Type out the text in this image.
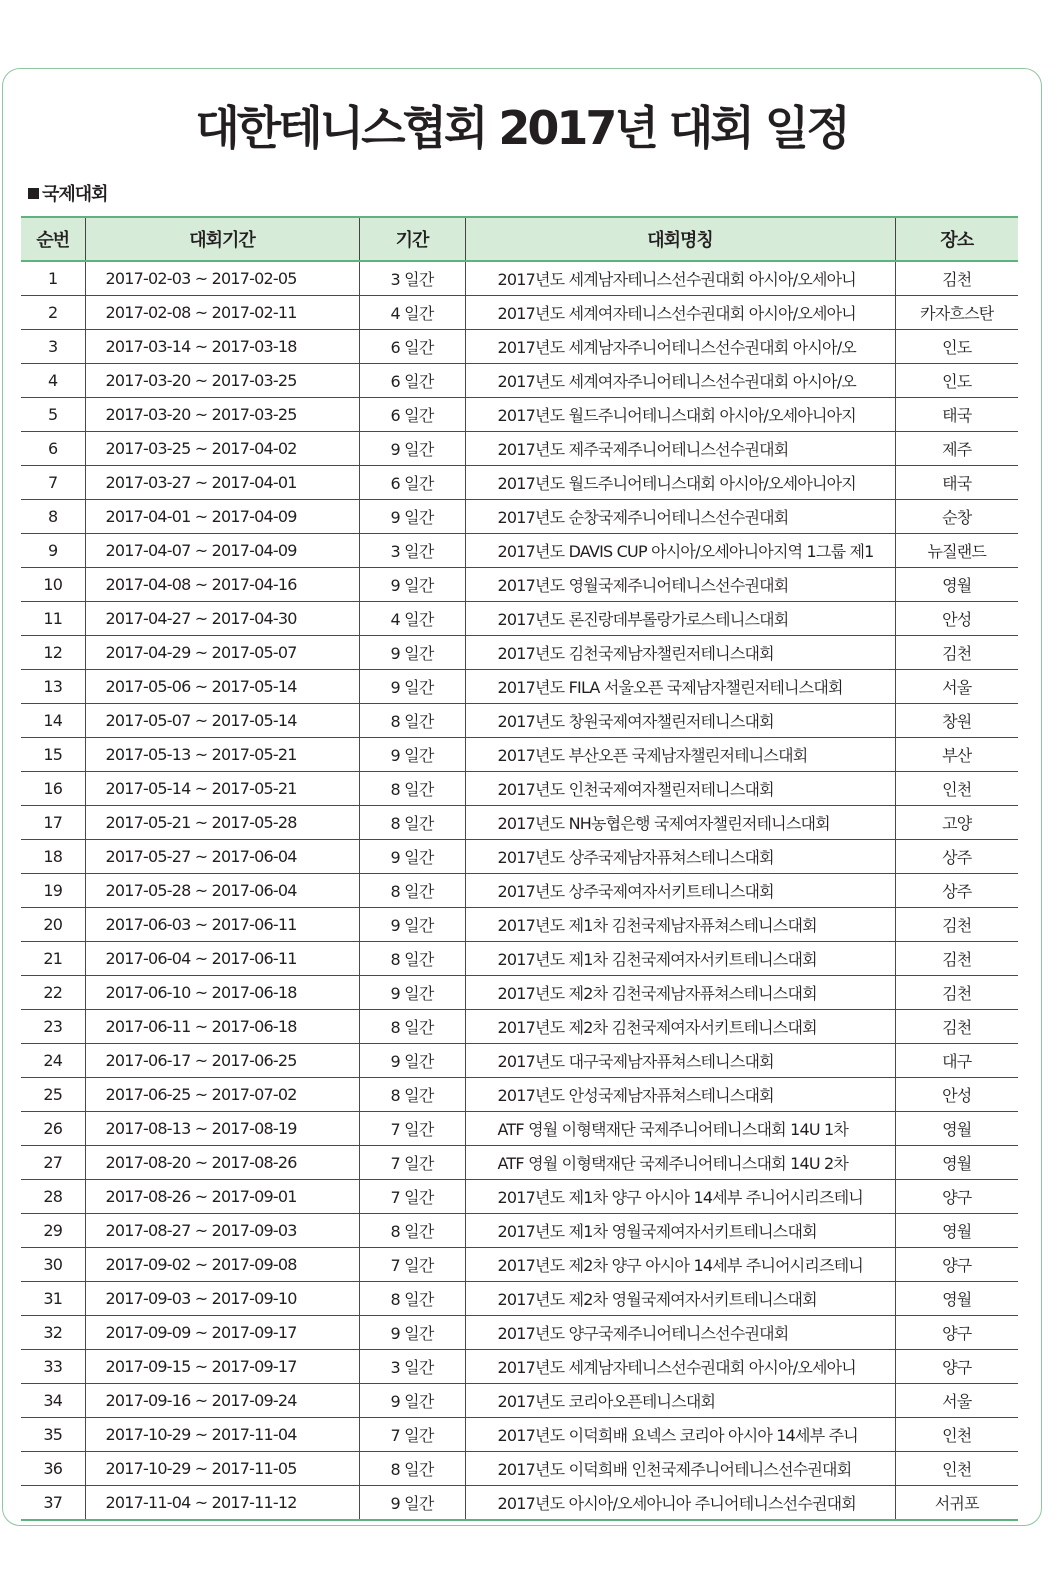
대한테니스협회 2017년 대회 일정
국제대회
순번	대회기간	기간	대회명칭	장소
1	2017-02-03 ~ 2017-02-05	3 일간	2017년도 세계남자테니스선수권대회 아시아/오세아니	김천
2	2017-02-08 ~ 2017-02-11	4 일간	2017년도 세계여자테니스선수권대회 아시아/오세아니	카자흐스탄
3	2017-03-14 ~ 2017-03-18	6 일간	2017년도 세계남자주니어테니스선수권대회 아시아/오	인도
4	2017-03-20 ~ 2017-03-25	6 일간	2017년도 세계여자주니어테니스선수권대회 아시아/오	인도
5	2017-03-20 ~ 2017-03-25	6 일간	2017년도 월드주니어테니스대회 아시아/오세아니아지	태국
6	2017-03-25 ~ 2017-04-02	9 일간	2017년도 제주국제주니어테니스선수권대회	제주
7	2017-03-27 ~ 2017-04-01	6 일간	2017년도 월드주니어테니스대회 아시아/오세아니아지	태국
8	2017-04-01 ~ 2017-04-09	9 일간	2017년도 순창국제주니어테니스선수권대회	순창
9	2017-04-07 ~ 2017-04-09	3 일간	2017년도 DAVIS CUP 아시아/오세아니아지역 1그룹 제1	뉴질랜드
10	2017-04-08 ~ 2017-04-16	9 일간	2017년도 영월국제주니어테니스선수권대회	영월
11	2017-04-27 ~ 2017-04-30	4 일간	2017년도 론진랑데부롤랑가로스테니스대회	안성
12	2017-04-29 ~ 2017-05-07	9 일간	2017년도 김천국제남자챌린저테니스대회	김천
13	2017-05-06 ~ 2017-05-14	9 일간	2017년도 FILA 서울오픈 국제남자챌린저테니스대회	서울
14	2017-05-07 ~ 2017-05-14	8 일간	2017년도 창원국제여자챌린저테니스대회	창원
15	2017-05-13 ~ 2017-05-21	9 일간	2017년도 부산오픈 국제남자챌린저테니스대회	부산
16	2017-05-14 ~ 2017-05-21	8 일간	2017년도 인천국제여자챌린저테니스대회	인천
17	2017-05-21 ~ 2017-05-28	8 일간	2017년도 NH농협은행 국제여자챌린저테니스대회	고양
18	2017-05-27 ~ 2017-06-04	9 일간	2017년도 상주국제남자퓨쳐스테니스대회	상주
19	2017-05-28 ~ 2017-06-04	8 일간	2017년도 상주국제여자서키트테니스대회	상주
20	2017-06-03 ~ 2017-06-11	9 일간	2017년도 제1차 김천국제남자퓨쳐스테니스대회	김천
21	2017-06-04 ~ 2017-06-11	8 일간	2017년도 제1차 김천국제여자서키트테니스대회	김천
22	2017-06-10 ~ 2017-06-18	9 일간	2017년도 제2차 김천국제남자퓨쳐스테니스대회	김천
23	2017-06-11 ~ 2017-06-18	8 일간	2017년도 제2차 김천국제여자서키트테니스대회	김천
24	2017-06-17 ~ 2017-06-25	9 일간	2017년도 대구국제남자퓨쳐스테니스대회	대구
25	2017-06-25 ~ 2017-07-02	8 일간	2017년도 안성국제남자퓨쳐스테니스대회	안성
26	2017-08-13 ~ 2017-08-19	7 일간	ATF 영월 이형택재단 국제주니어테니스대회 14U 1차	영월
27	2017-08-20 ~ 2017-08-26	7 일간	ATF 영월 이형택재단 국제주니어테니스대회 14U 2차	영월
28	2017-08-26 ~ 2017-09-01	7 일간	2017년도 제1차 양구 아시아 14세부 주니어시리즈테니	양구
29	2017-08-27 ~ 2017-09-03	8 일간	2017년도 제1차 영월국제여자서키트테니스대회	영월
30	2017-09-02 ~ 2017-09-08	7 일간	2017년도 제2차 양구 아시아 14세부 주니어시리즈테니	양구
31	2017-09-03 ~ 2017-09-10	8 일간	2017년도 제2차 영월국제여자서키트테니스대회	영월
32	2017-09-09 ~ 2017-09-17	9 일간	2017년도 양구국제주니어테니스선수권대회	양구
33	2017-09-15 ~ 2017-09-17	3 일간	2017년도 세계남자테니스선수권대회 아시아/오세아니	양구
34	2017-09-16 ~ 2017-09-24	9 일간	2017년도 코리아오픈테니스대회	서울
35	2017-10-29 ~ 2017-11-04	7 일간	2017년도 이덕희배 요넥스 코리아 아시아 14세부 주니	인천
36	2017-10-29 ~ 2017-11-05	8 일간	2017년도 이덕희배 인천국제주니어테니스선수권대회	인천
37	2017-11-04 ~ 2017-11-12	9 일간	2017년도 아시아/오세아니아 주니어테니스선수권대회	서귀포
